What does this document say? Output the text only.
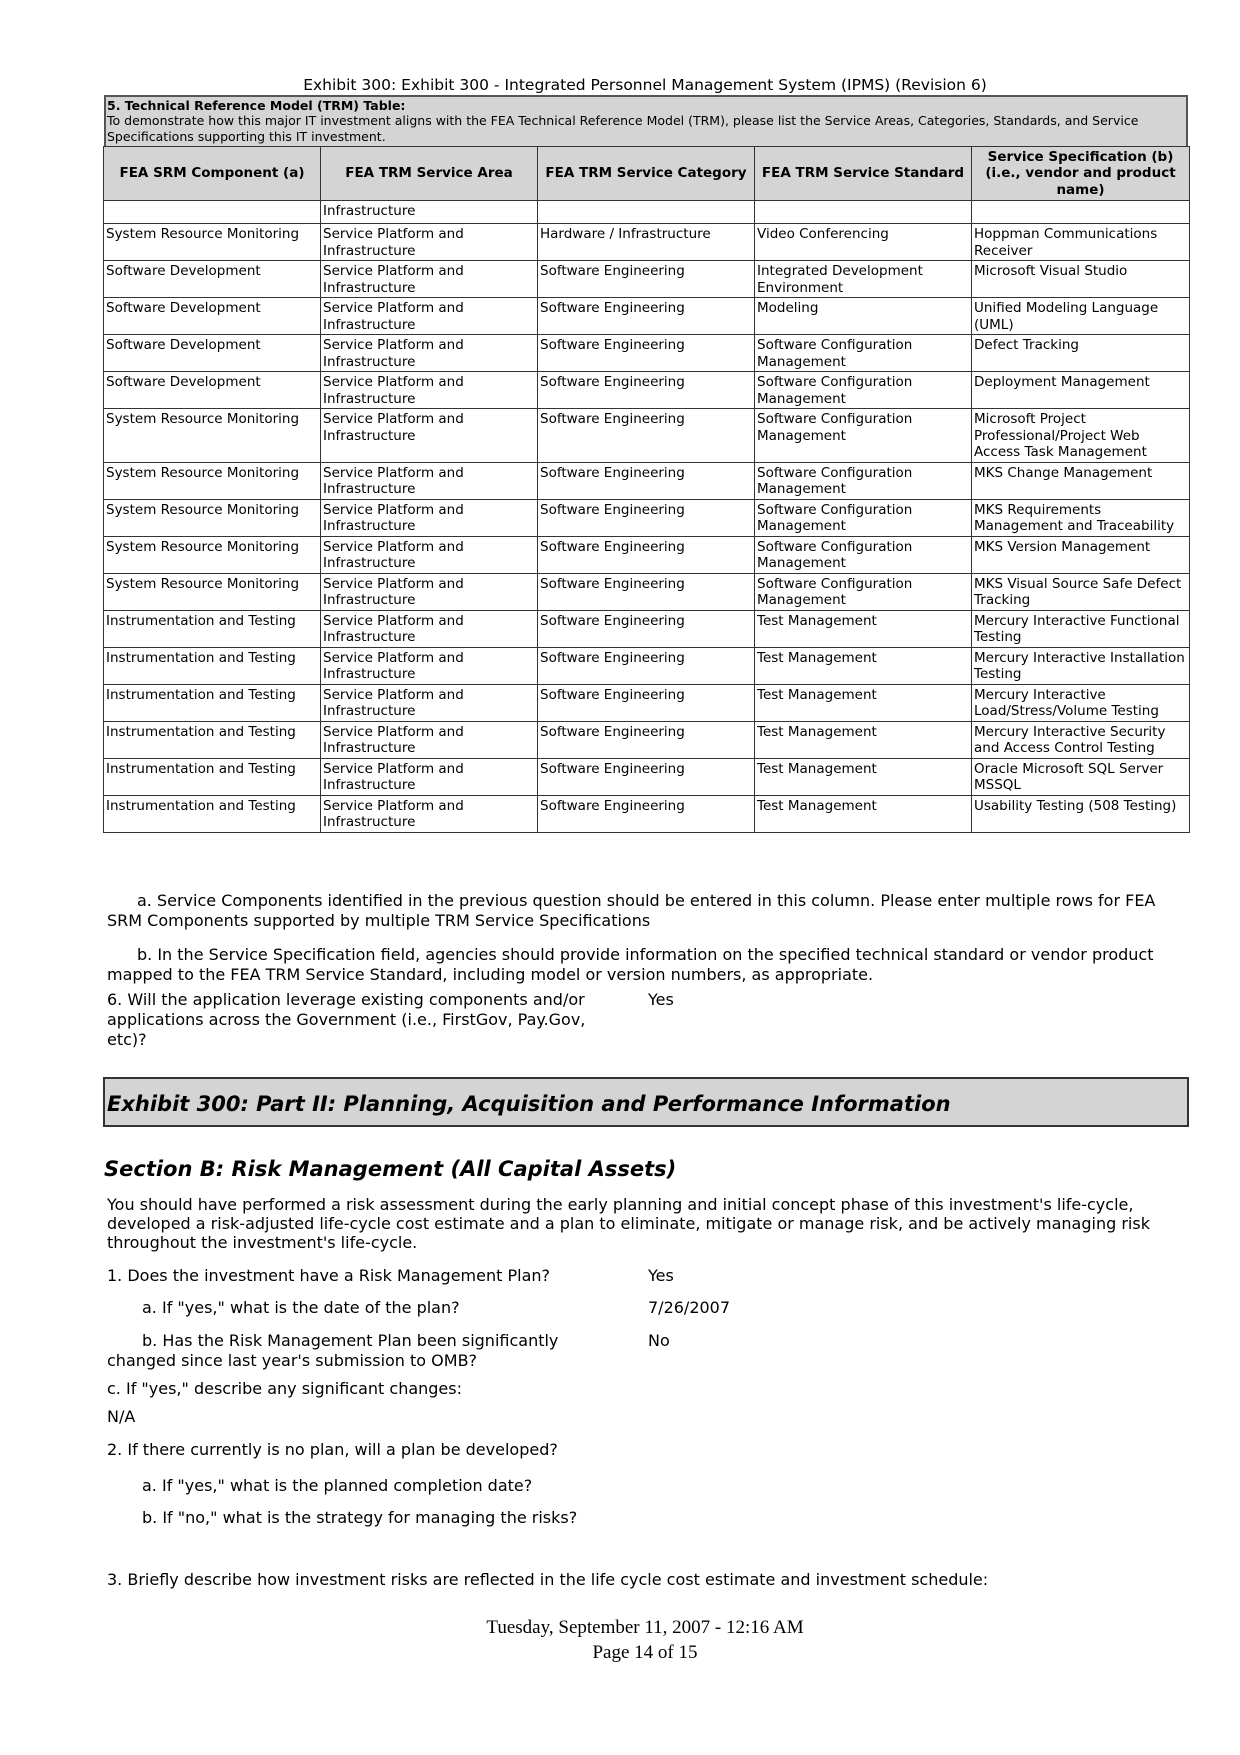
Exhibit 300: Exhibit 300 - Integrated Personnel Management System (IPMS) (Revision 6)
5. Technical Reference Model (TRM) Table:
To demonstrate how this major IT investment aligns with the FEA Technical Reference Model (TRM), please list the Service Areas, Categories, Standards, and Service Specifications supporting this IT investment.
FEA SRM Component (a)	FEA TRM Service Area	FEA TRM Service Category	FEA TRM Service Standard	Service Specification (b) (i.e., vendor and product name)
	Infrastructure			
System Resource Monitoring	Service Platform and Infrastructure	Hardware / Infrastructure	Video Conferencing	Hoppman Communications Receiver
Software Development	Service Platform and Infrastructure	Software Engineering	Integrated Development Environment	Microsoft Visual Studio
Software Development	Service Platform and Infrastructure	Software Engineering	Modeling	Unified Modeling Language (UML)
Software Development	Service Platform and Infrastructure	Software Engineering	Software Configuration Management	Defect Tracking
Software Development	Service Platform and Infrastructure	Software Engineering	Software Configuration Management	Deployment Management
System Resource Monitoring	Service Platform and Infrastructure	Software Engineering	Software Configuration Management	Microsoft Project Professional/Project Web Access Task Management
System Resource Monitoring	Service Platform and Infrastructure	Software Engineering	Software Configuration Management	MKS Change Management
System Resource Monitoring	Service Platform and Infrastructure	Software Engineering	Software Configuration Management	MKS Requirements Management and Traceability
System Resource Monitoring	Service Platform and Infrastructure	Software Engineering	Software Configuration Management	MKS Version Management
System Resource Monitoring	Service Platform and Infrastructure	Software Engineering	Software Configuration Management	MKS Visual Source Safe Defect Tracking
Instrumentation and Testing	Service Platform and Infrastructure	Software Engineering	Test Management	Mercury Interactive Functional Testing
Instrumentation and Testing	Service Platform and Infrastructure	Software Engineering	Test Management	Mercury Interactive Installation Testing
Instrumentation and Testing	Service Platform and Infrastructure	Software Engineering	Test Management	Mercury Interactive Load/Stress/Volume Testing
Instrumentation and Testing	Service Platform and Infrastructure	Software Engineering	Test Management	Mercury Interactive Security and Access Control Testing
Instrumentation and Testing	Service Platform and Infrastructure	Software Engineering	Test Management	Oracle Microsoft SQL Server MSSQL
Instrumentation and Testing	Service Platform and Infrastructure	Software Engineering	Test Management	Usability Testing (508 Testing)
a. Service Components identified in the previous question should be entered in this column. Please enter multiple rows for FEA SRM Components supported by multiple TRM Service Specifications
b. In the Service Specification field, agencies should provide information on the specified technical standard or vendor product mapped to the FEA TRM Service Standard, including model or version numbers, as appropriate.
6. Will the application leverage existing components and/or applications across the Government (i.e., FirstGov, Pay.Gov, etc)?
Yes
Exhibit 300: Part II: Planning, Acquisition and Performance Information
Section B: Risk Management (All Capital Assets)
You should have performed a risk assessment during the early planning and initial concept phase of this investment's life-cycle, developed a risk-adjusted life-cycle cost estimate and a plan to eliminate, mitigate or manage risk, and be actively managing risk throughout the investment's life-cycle.
1. Does the investment have a Risk Management Plan?	Yes
a. If "yes," what is the date of the plan?	7/26/2007
b. Has the Risk Management Plan been significantly changed since last year's submission to OMB?
No
c. If "yes," describe any significant changes:
N/A
2. If there currently is no plan, will a plan be developed?
a. If "yes," what is the planned completion date?
b. If "no," what is the strategy for managing the risks?
3. Briefly describe how investment risks are reflected in the life cycle cost estimate and investment schedule:
Tuesday, September 11, 2007 - 12:16 AM
Page 14 of 15
